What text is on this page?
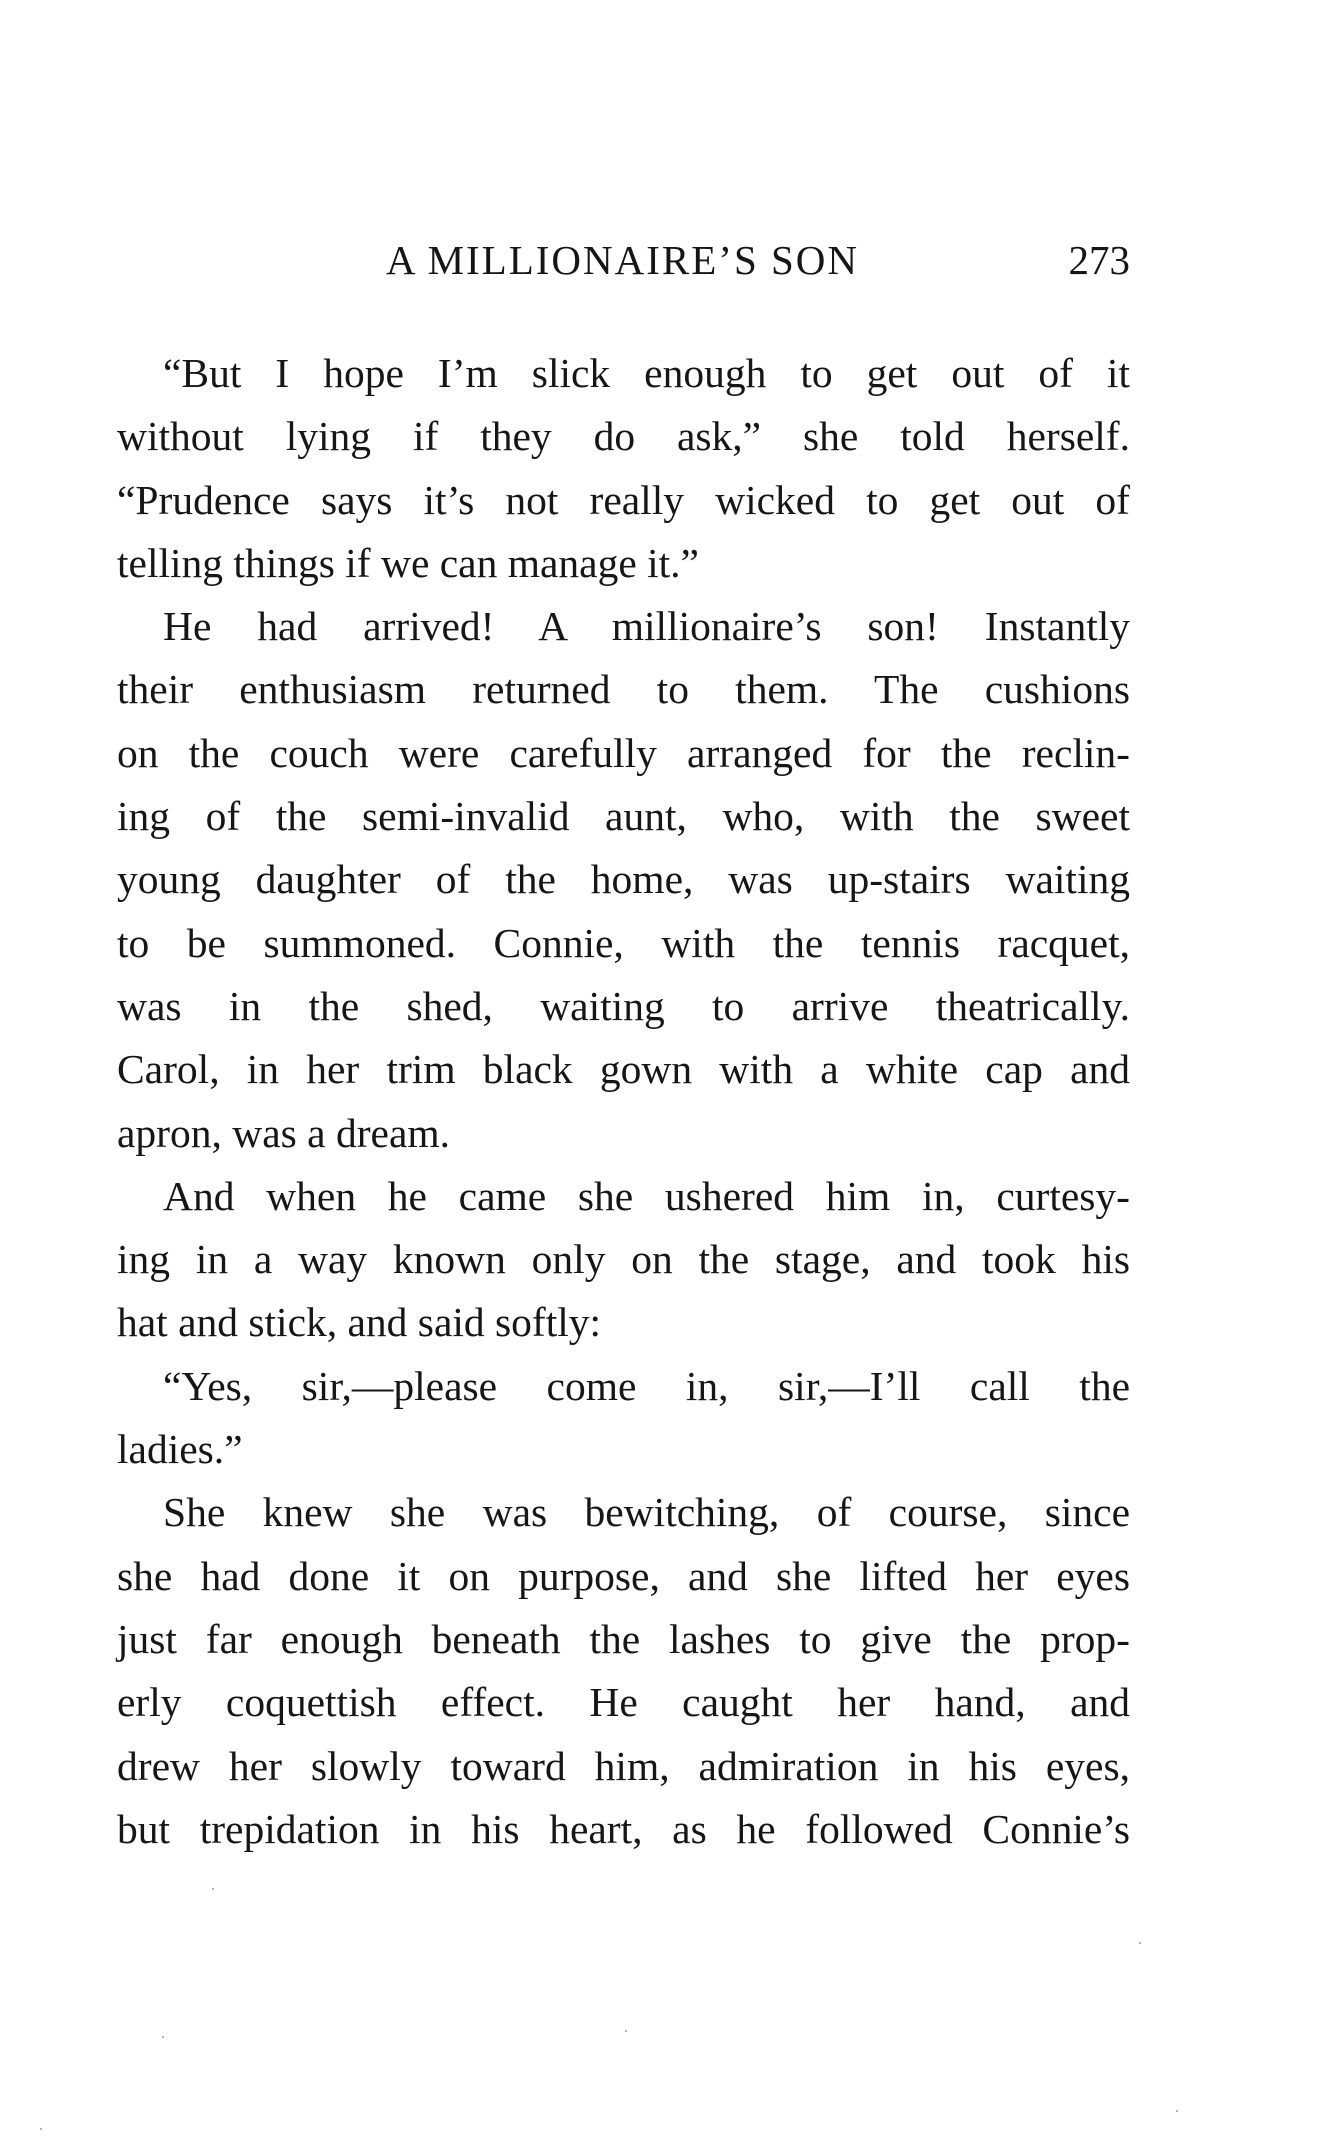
A MILLIONAIRE’S SON	273
“But I hope I’m slick enough to get out of it
without lying if they do ask,” she told herself.
“Prudence says it’s not really wicked to get out of
telling things if we can manage it.”
He had arrived! A millionaire’s son! Instantly
their enthusiasm returned to them. The cushions
on the couch were carefully arranged for the reclin-
ing of the semi-invalid aunt, who, with the sweet
young daughter of the home, was up-stairs waiting
to be summoned. Connie, with the tennis racquet,
was in the shed, waiting to arrive theatrically.
Carol, in her trim black gown with a white cap and
apron, was a dream.
And when he came she ushered him in, curtesy-
ing in a way known only on the stage, and took his
hat and stick, and said softly:
“Yes, sir,—please come in, sir,—I’ll call the
ladies.”
She knew she was bewitching, of course, since
she had done it on purpose, and she lifted her eyes
just far enough beneath the lashes to give the prop-
erly coquettish effect. He caught her hand, and
drew her slowly toward him, admiration in his eyes,
but trepidation in his heart, as he followed Connie’s
